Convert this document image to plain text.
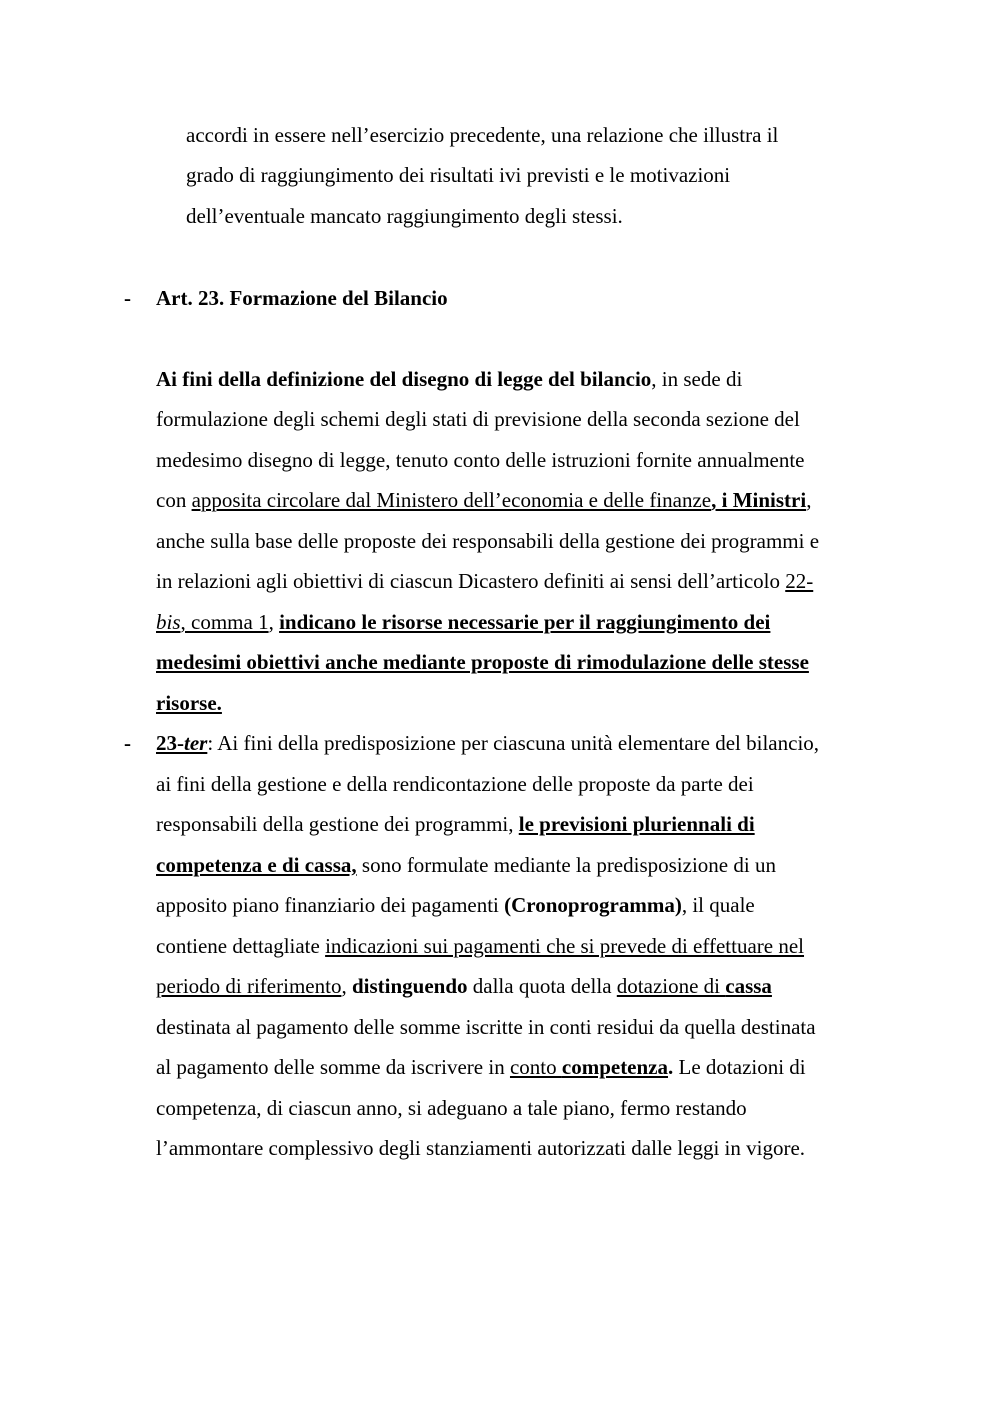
accordi in essere nell’esercizio precedente, una relazione che illustra il
grado di raggiungimento dei risultati ivi previsti e le motivazioni
dell’eventuale mancato raggiungimento degli stessi.
- Art. 23. Formazione del Bilancio
Ai fini della definizione del disegno di legge del bilancio, in sede di
formulazione degli schemi degli stati di previsione della seconda sezione del
medesimo disegno di legge, tenuto conto delle istruzioni fornite annualmente
con apposita circolare dal Ministero dell’economia e delle finanze, i Ministri,
anche sulla base delle proposte dei responsabili della gestione dei programmi e
in relazioni agli obiettivi di ciascun Dicastero definiti ai sensi dell’articolo 22-
bis, comma 1, indicano le risorse necessarie per il raggiungimento dei
medesimi obiettivi anche mediante proposte di rimodulazione delle stesse
risorse.
- 23-ter: Ai fini della predisposizione per ciascuna unità elementare del bilancio,
ai fini della gestione e della rendicontazione delle proposte da parte dei
responsabili della gestione dei programmi, le previsioni pluriennali di
competenza e di cassa, sono formulate mediante la predisposizione di un
apposito piano finanziario dei pagamenti (Cronoprogramma), il quale
contiene dettagliate indicazioni sui pagamenti che si prevede di effettuare nel
periodo di riferimento, distinguendo dalla quota della dotazione di cassa
destinata al pagamento delle somme iscritte in conti residui da quella destinata
al pagamento delle somme da iscrivere in conto competenza. Le dotazioni di
competenza, di ciascun anno, si adeguano a tale piano, fermo restando
l’ammontare complessivo degli stanziamenti autorizzati dalle leggi in vigore.
